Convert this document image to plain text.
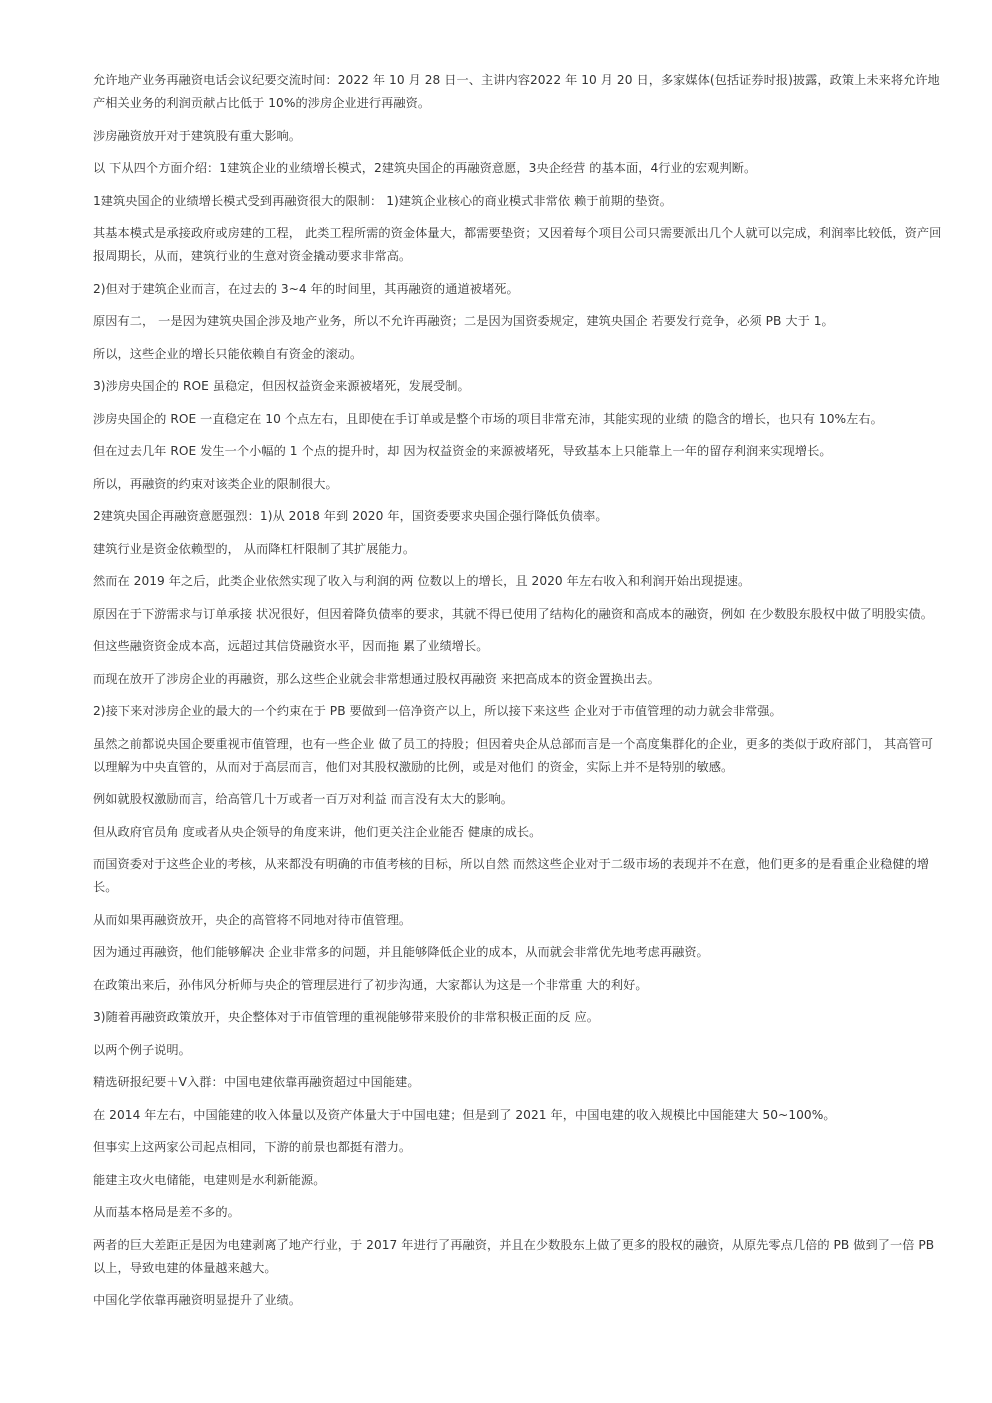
允许地产业务再融资电话会议纪要交流时间：2022 年 10 月 28 日一、主讲内容2022 年 10 月 20 日，多家媒体(包括证券时报)披露，政策上未来将允许地产相关业务的利润贡献占比低于 10%的涉房企业进行再融资。

涉房融资放开对于建筑股有重大影响。

以 下从四个方面介绍：1建筑企业的业绩增长模式，2建筑央国企的再融资意愿，3央企经营 的基本面，4行业的宏观判断。

1建筑央国企的业绩增长模式受到再融资很大的限制： 1)建筑企业核心的商业模式非常依 赖于前期的垫资。

其基本模式是承接政府或房建的工程， 此类工程所需的资金体量大，都需要垫资；又因着每个项目公司只需要派出几个人就可以完成，利润率比较低，资产回报周期长，从而，建筑行业的生意对资金撬动要求非常高。

2)但对于建筑企业而言，在过去的 3~4 年的时间里，其再融资的通道被堵死。

原因有二， 一是因为建筑央国企涉及地产业务，所以不允许再融资；二是因为国资委规定，建筑央国企 若要发行竞争，必须 PB 大于 1。

所以，这些企业的增长只能依赖自有资金的滚动。

3)涉房央国企的 ROE 虽稳定，但因权益资金来源被堵死，发展受制。

涉房央国企的 ROE 一直稳定在 10 个点左右，且即使在手订单或是整个市场的项目非常充沛，其能实现的业绩 的隐含的增长，也只有 10%左右。

但在过去几年 ROE 发生一个小幅的 1 个点的提升时，却 因为权益资金的来源被堵死，导致基本上只能靠上一年的留存利润来实现增长。

所以，再融资的约束对该类企业的限制很大。

2建筑央国企再融资意愿强烈：1)从 2018 年到 2020 年，国资委要求央国企强行降低负债率。

建筑行业是资金依赖型的， 从而降杠杆限制了其扩展能力。

然而在 2019 年之后，此类企业依然实现了收入与利润的两 位数以上的增长，且 2020 年左右收入和利润开始出现提速。

原因在于下游需求与订单承接 状况很好，但因着降负债率的要求，其就不得已使用了结构化的融资和高成本的融资，例如 在少数股东股权中做了明股实债。

但这些融资资金成本高，远超过其信贷融资水平，因而拖 累了业绩增长。

而现在放开了涉房企业的再融资，那么这些企业就会非常想通过股权再融资 来把高成本的资金置换出去。

2)接下来对涉房企业的最大的一个约束在于 PB 要做到一倍净资产以上，所以接下来这些 企业对于市值管理的动力就会非常强。

虽然之前都说央国企要重视市值管理，也有一些企业 做了员工的持股；但因着央企从总部而言是一个高度集群化的企业，更多的类似于政府部门， 其高管可以理解为中央直管的，从而对于高层而言，他们对其股权激励的比例，或是对他们 的资金，实际上并不是特别的敏感。

例如就股权激励而言，给高管几十万或者一百万对利益 而言没有太大的影响。

但从政府官员角 度或者从央企领导的角度来讲，他们更关注企业能否 健康的成长。

而国资委对于这些企业的考核，从来都没有明确的市值考核的目标，所以自然 而然这些企业对于二级市场的表现并不在意，他们更多的是看重企业稳健的增长。

从而如果再融资放开，央企的高管将不同地对待市值管理。

因为通过再融资，他们能够解决 企业非常多的问题，并且能够降低企业的成本，从而就会非常优先地考虑再融资。

在政策出来后，孙伟风分析师与央企的管理层进行了初步沟通，大家都认为这是一个非常重 大的利好。

3)随着再融资政策放开，央企整体对于市值管理的重视能够带来股价的非常积极正面的反 应。

以两个例子说明。

精选研报纪要＋V入群：中国电建依靠再融资超过中国能建。

在 2014 年左右，中国能建的收入体量以及资产体量大于中国电建；但是到了 2021 年，中国电建的收入规模比中国能建大 50~100%。

但事实上这两家公司起点相同，下游的前景也都挺有潜力。

能建主攻火电储能，电建则是水利新能源。

从而基本格局是差不多的。

两者的巨大差距正是因为电建剥离了地产行业，于 2017 年进行了再融资，并且在少数股东上做了更多的股权的融资，从原先零点几倍的 PB 做到了一倍 PB以上，导致电建的体量越来越大。

中国化学依靠再融资明显提升了业绩。
